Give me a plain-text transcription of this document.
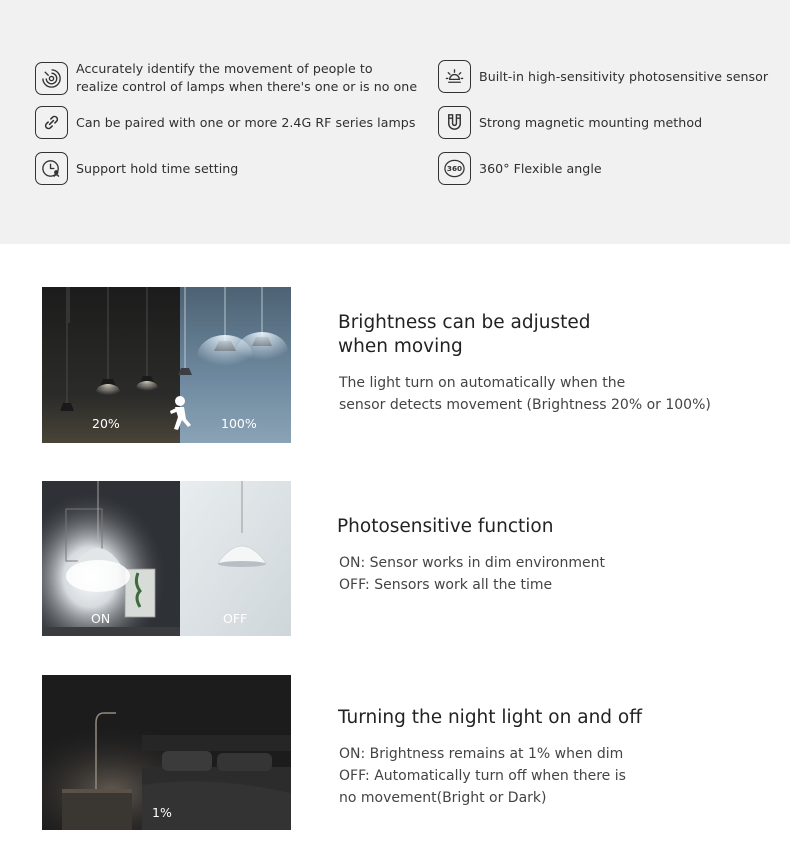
Accurately identify the movement of people to
realize control of lamps when there's one or is no one
Can be paired with one or more 2.4G RF series lamps
Support hold time setting
Built-in high-sensitivity photosensitive sensor
Strong magnetic mounting method
360 360° Flexible angle
20%	100%
Brightness can be adjusted
when moving
The light turn on automatically when the
sensor detects movement (Brightness 20% or 100%)
ON	OFF
Photosensitive function
ON: Sensor works in dim environment
OFF: Sensors work all the time
1%
Turning the night light on and off
ON: Brightness remains at 1% when dim
OFF: Automatically turn off when there is
no movement(Bright or Dark)
